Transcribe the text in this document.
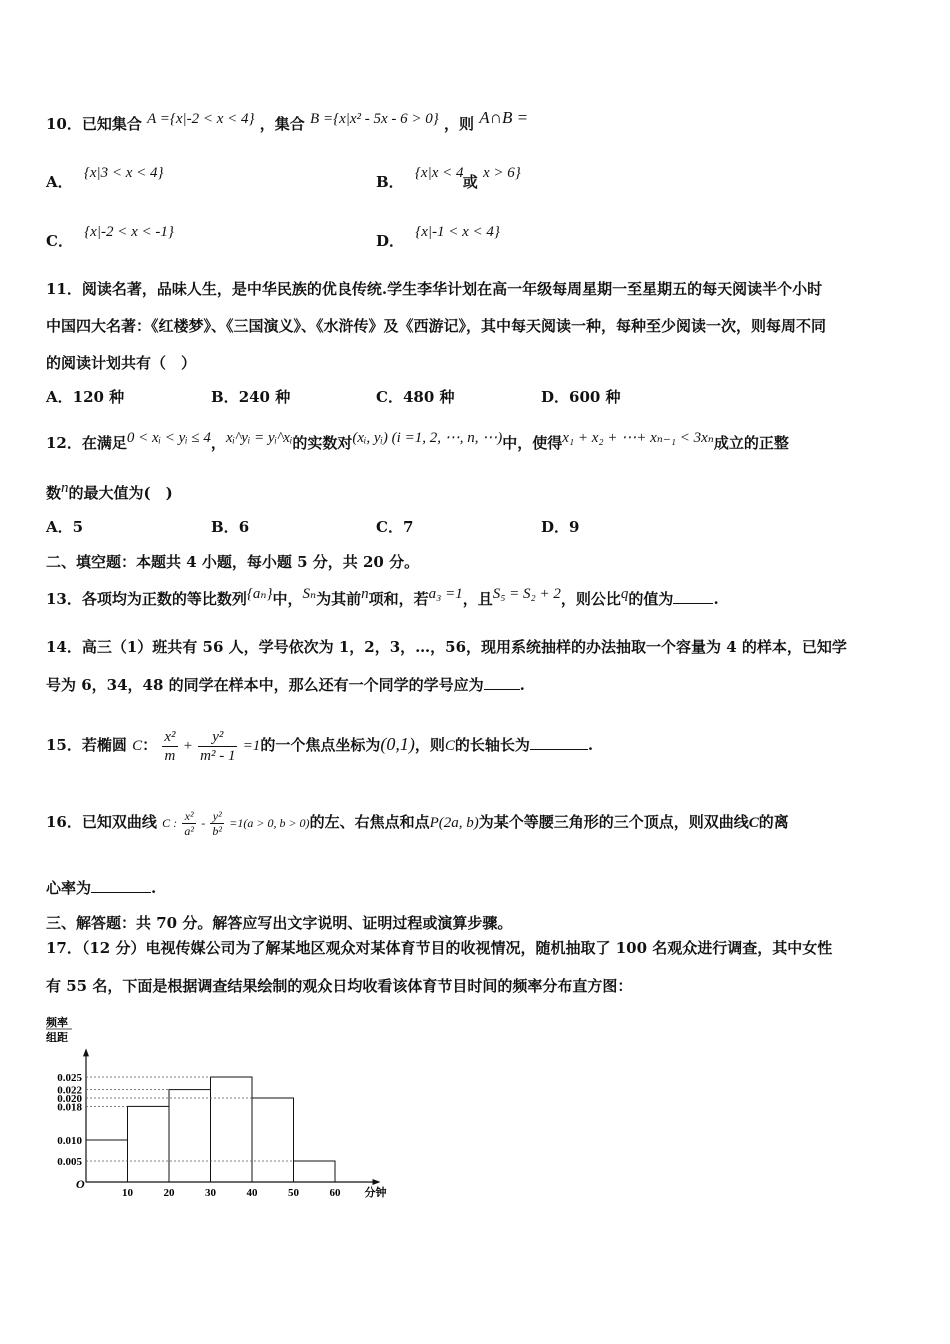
10．已知集合 A ={x|-2 < x < 4} ，集合 B ={x|x² - 5x - 6 > 0} ，则 A∩B =
A． {x|3 < x < 4}	B． {x|x < 4 或 x > 6}
C． {x|-2 < x < -1}	D． {x|-1 < x < 4}
11．阅读名著，品味人生，是中华民族的优良传统.学生李华计划在高一年级每周星期一至星期五的每天阅读半个小时
中国四大名著：《红楼梦》、《三国演义》、《水浒传》及《西游记》，其中每天阅读一种，每种至少阅读一次，则每周不同
的阅读计划共有（　）
A．120 种	B．240 种	C．480 种	D．600 种
12．在满足0 < xᵢ < yᵢ ≤ 4，xᵢ^yᵢ = yᵢ^xᵢ的实数对(xᵢ, yᵢ) (i =1, 2, ⋯, n, ⋯)中，使得x₁ + x₂ + ⋯+ xₙ₋₁ < 3xₙ成立的正整
数n的最大值为(　)
A．5	B．6	C．7	D．9
二、填空题：本题共 4 小题，每小题 5 分，共 20 分。
13．各项均为正数的等比数列{aₙ}中，Sₙ为其前n项和，若a₃ =1，且S₅ = S₂ + 2，则公比q的值为	.
14．高三（1）班共有 56 人，学号依次为 1，2，3，…，56，现用系统抽样的办法抽取一个容量为 4 的样本，已知学
号为 6，34，48 的同学在样本中，那么还有一个同学的学号应为 .
15．若椭圆 C： $\frac{\text{x²}}{m} + \frac{\text{y²}}{\text{m² - 1}} =1$的一个焦点坐标为(0,1)，则C的长轴长为	.
16．已知双曲线 C : $\frac{\text{x²}}{\text{a²}} - \frac{\text{y²}}{\text{b²}} =1(a > 0$, b > 0)的左、右焦点和点P(2a, b)为某个等腰三角形的三个顶点，则双曲线C的离
心率为	.
三、解答题：共 70 分。解答应写出文字说明、证明过程或演算步骤。
17．（12 分）电视传媒公司为了解某地区观众对某体育节目的收视情况，随机抽取了 100 名观众进行调查，其中女性
有 55 名，下面是根据调查结果绘制的观众日均收看该体育节目时间的频率分布直方图：
0.025
0.022
0.020
0.018
0.010
0.005
10	20	30	40	50	60
O
分钟
频率
组距
